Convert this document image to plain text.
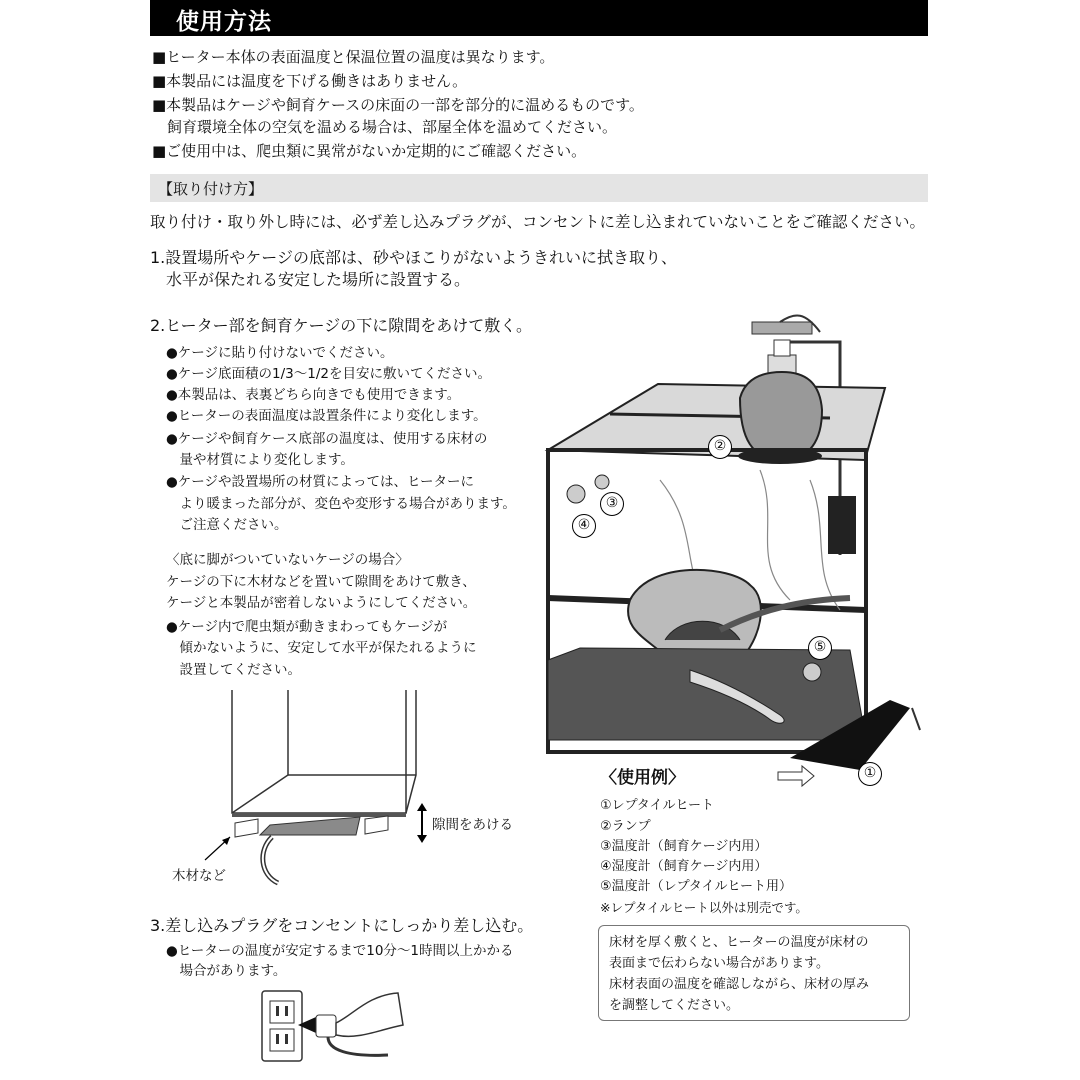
使用方法
■ヒーター本体の表面温度と保温位置の温度は異なります。
■本製品には温度を下げる働きはありません。
■本製品はケージや飼育ケースの床面の一部を部分的に温めるものです。
　飼育環境全体の空気を温める場合は、部屋全体を温めてください。
■ご使用中は、爬虫類に異常がないか定期的にご確認ください。
【取り付け方】
取り付け・取り外し時には、必ず差し込みプラグが、コンセントに差し込まれていないことをご確認ください。
1.設置場所やケージの底部は、砂やほこりがないようきれいに拭き取り、
　水平が保たれる安定した場所に設置する。
2.ヒーター部を飼育ケージの下に隙間をあけて敷く。
●ケージに貼り付けないでください。
●ケージ底面積の1/3〜1/2を目安に敷いてください。
●本製品は、表裏どちら向きでも使用できます。
●ヒーターの表面温度は設置条件により変化します。
●ケージや飼育ケース底部の温度は、使用する床材の
　量や材質により変化します。
●ケージや設置場所の材質によっては、ヒーターに
　より暖まった部分が、変色や変形する場合があります。
　ご注意ください。
〈底に脚がついていないケージの場合〉
ケージの下に木材などを置いて隙間をあけて敷き、
ケージと本製品が密着しないようにしてください。
●ケージ内で爬虫類が動きまわってもケージが
　傾かないように、安定して水平が保たれるように
　設置してください。
隙間をあける
木材など
3.差し込みプラグをコンセントにしっかり差し込む。
●ヒーターの温度が安定するまで10分〜1時間以上かかる
　場合があります。
②
③
④
⑤
①
〈使用例〉
①レプタイルヒート
②ランプ
③温度計（飼育ケージ内用）
④湿度計（飼育ケージ内用）
⑤温度計（レプタイルヒート用）
※レプタイルヒート以外は別売です。
床材を厚く敷くと、ヒーターの温度が床材の
表面まで伝わらない場合があります。
床材表面の温度を確認しながら、床材の厚み
を調整してください。
